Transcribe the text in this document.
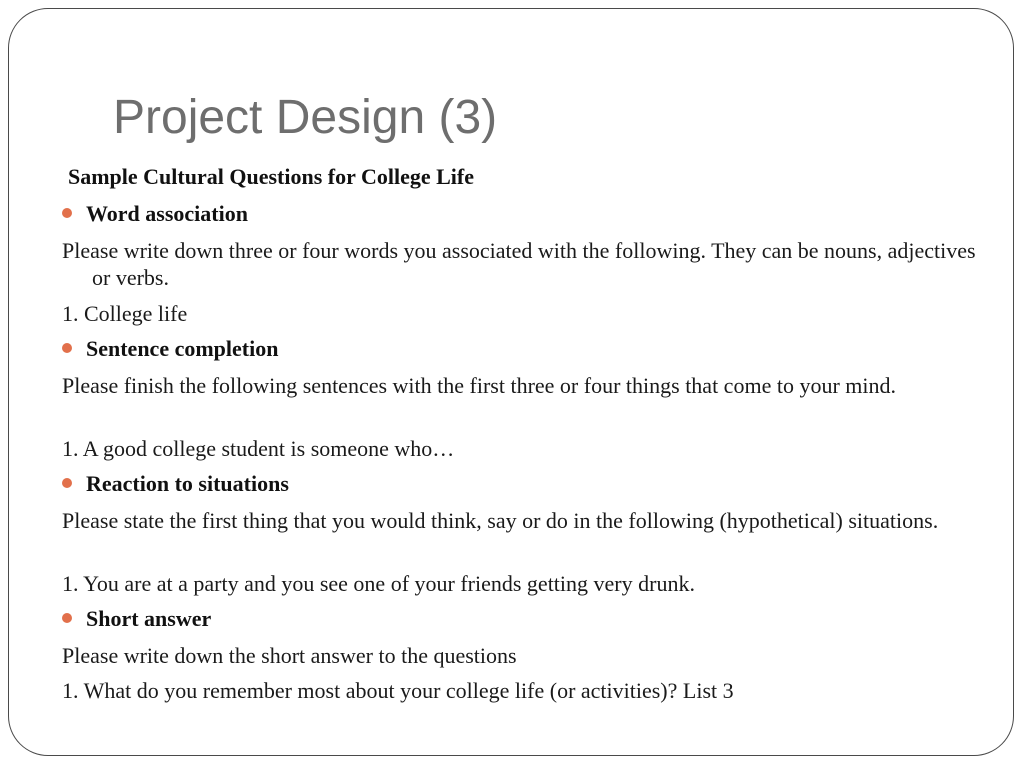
Project Design (3)
Sample Cultural Questions for College Life
Word association
Please write down three or four words you associated with the following. They can be nouns, adjectives or verbs.
1. College life
Sentence completion
Please finish the following sentences with the first three or four things that come to your mind.
1. A good college student is someone who…
Reaction to situations
Please state the first thing that you would think, say or do in the following (hypothetical) situations.
1. You are at a party and you see one of your friends getting very drunk.
Short answer
Please write down the short answer to the questions
1. What do you remember most about your college life (or activities)? List 3
